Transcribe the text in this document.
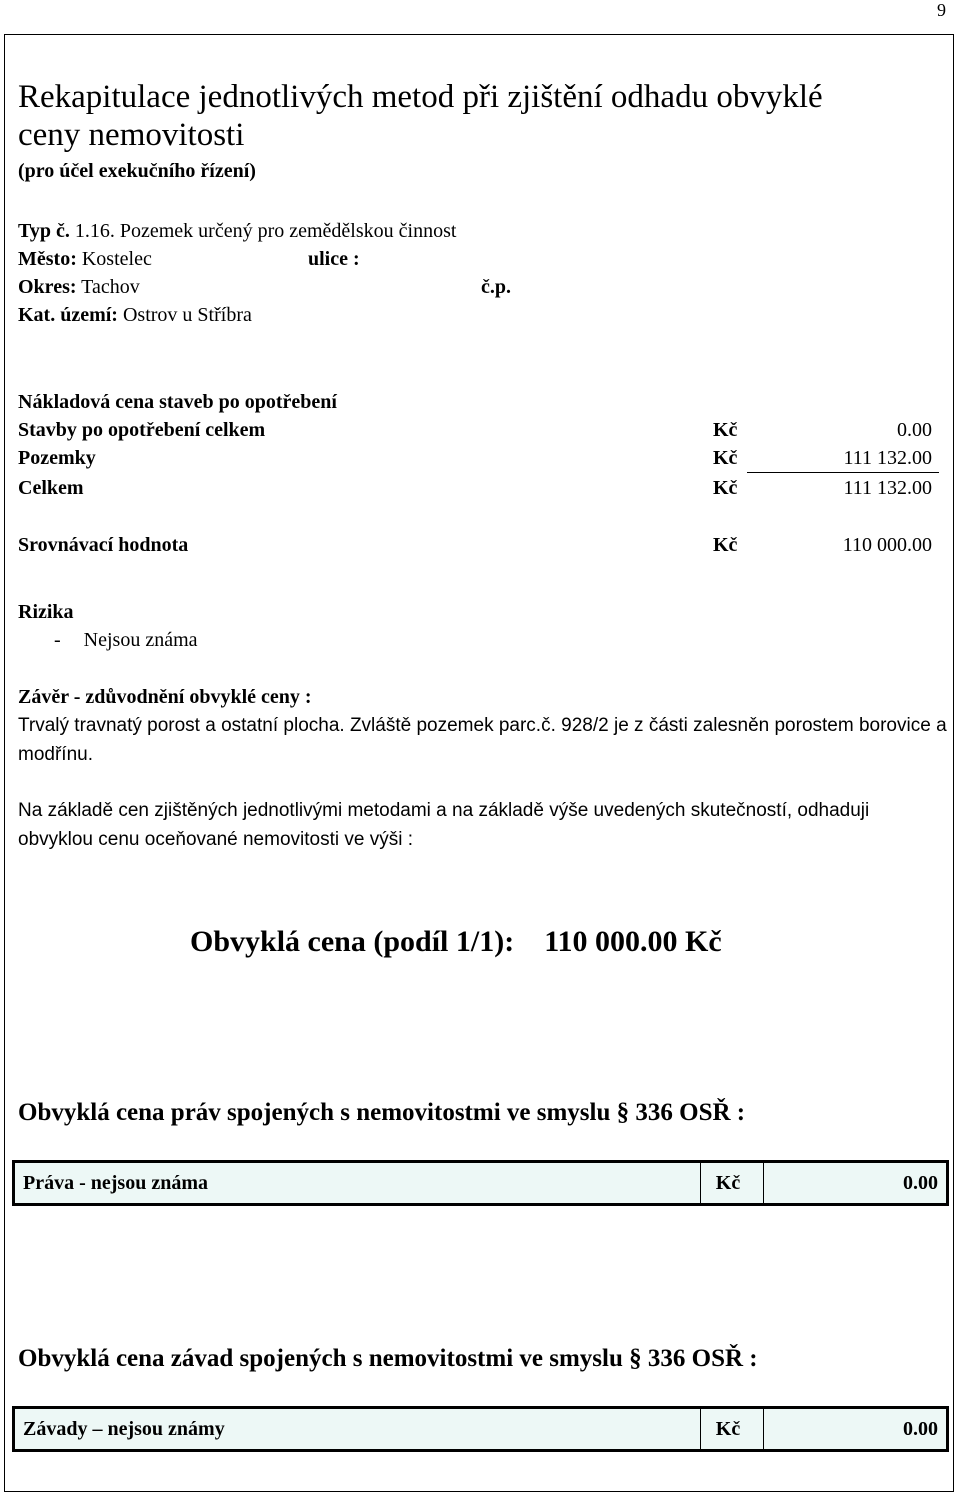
9
Rekapitulace jednotlivých metod při zjištění odhadu obvyklé
ceny nemovitosti
(pro účel exekučního řízení)
Typ č. 1.16. Pozemek určený pro zemědělskou činnost
Město: Kostelec	ulice :
Okres: Tachov	č.p.
Kat. území: Ostrov u Stříbra
Nákladová cena staveb po opotřebení
Stavby po opotřebení celkem	Kč	0.00
Pozemky	Kč	111 132.00
Celkem	Kč	111 132.00
Srovnávací hodnota	Kč	110 000.00
Rizika
- Nejsou známa
Závěr - zdůvodnění obvyklé ceny :
Trvalý travnatý porost a ostatní plocha. Zvláště pozemek parc.č. 928/2 je z části zalesněn porostem borovice a modřínu.
Na základě cen zjištěných jednotlivými metodami a na základě výše uvedených skutečností, odhaduji obvyklou cenu oceňované nemovitosti ve výši :
Obvyklá cena (podíl 1/1): 110 000.00 Kč
Obvyklá cena práv spojených s nemovitostmi ve smyslu § 336 OSŘ :
Práva - nejsou známa	Kč	0.00
Obvyklá cena závad spojených s nemovitostmi ve smyslu § 336 OSŘ :
Závady – nejsou známy	Kč	0.00
